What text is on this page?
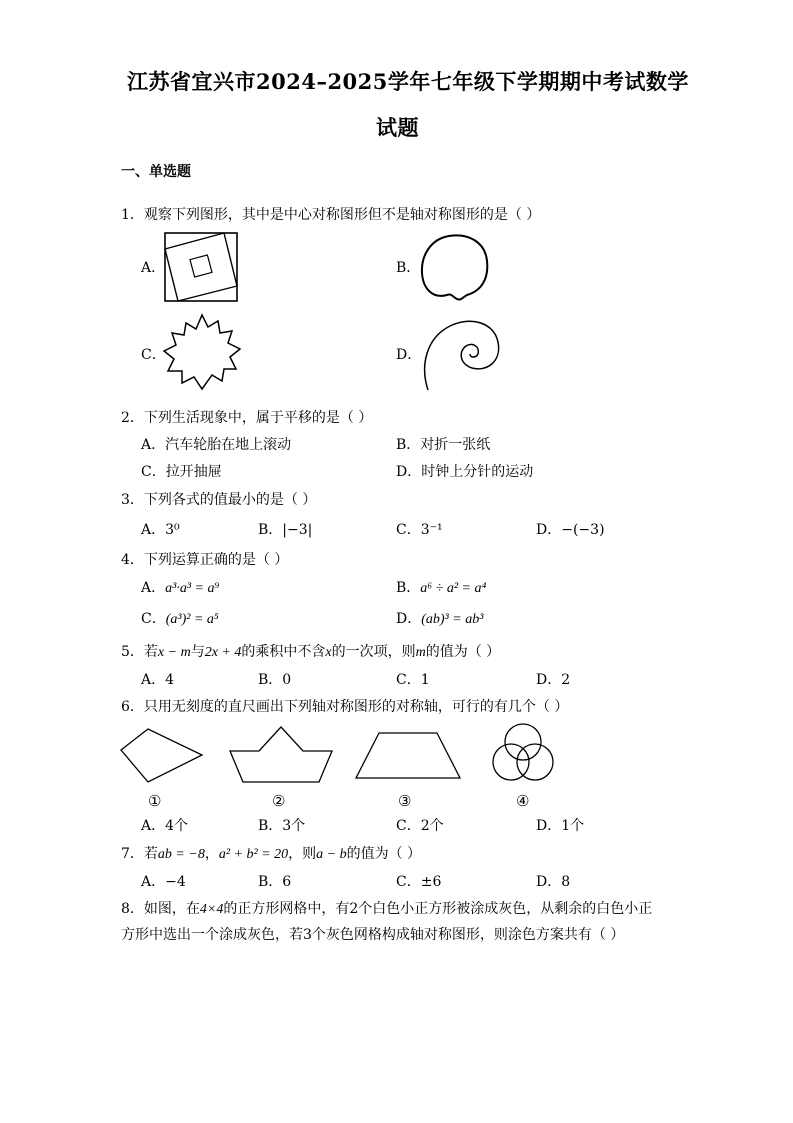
江苏省宜兴市2024–2025学年七年级下学期期中考试数学
试题
一、单选题
1．观察下列图形，其中是中心对称图形但不是轴对称图形的是（ ）
A．	B．
C．	D．
2．下列生活现象中，属于平移的是（ ）
A．汽车轮胎在地上滚动	B．对折一张纸
C．拉开抽屉	D．时钟上分针的运动
3．下列各式的值最小的是（ ）
A．3⁰	B．|−3|	C．3⁻¹	D．−(−3)
4．下列运算正确的是（ ）
A．a³·a³ = a⁹	B．a⁶ ÷ a² = a⁴
C．(a³)² = a⁵	D．(ab)³ = ab³
5．若x − m与2x + 4的乘积中不含x的一次项，则m的值为（ ）
A．4	B．0	C．1	D．2
6．只用无刻度的直尺画出下列轴对称图形的对称轴，可行的有几个（ ）
①	②	③	④
A．4个	B．3个	C．2个	D．1个
7．若ab = −8，a² + b² = 20，则a − b的值为（ ）
A．−4	B．6	C．±6	D．8
8．如图，在4×4的正方形网格中，有2个白色小正方形被涂成灰色，从剩余的白色小正
方形中选出一个涂成灰色，若3个灰色网格构成轴对称图形，则涂色方案共有（ ）
